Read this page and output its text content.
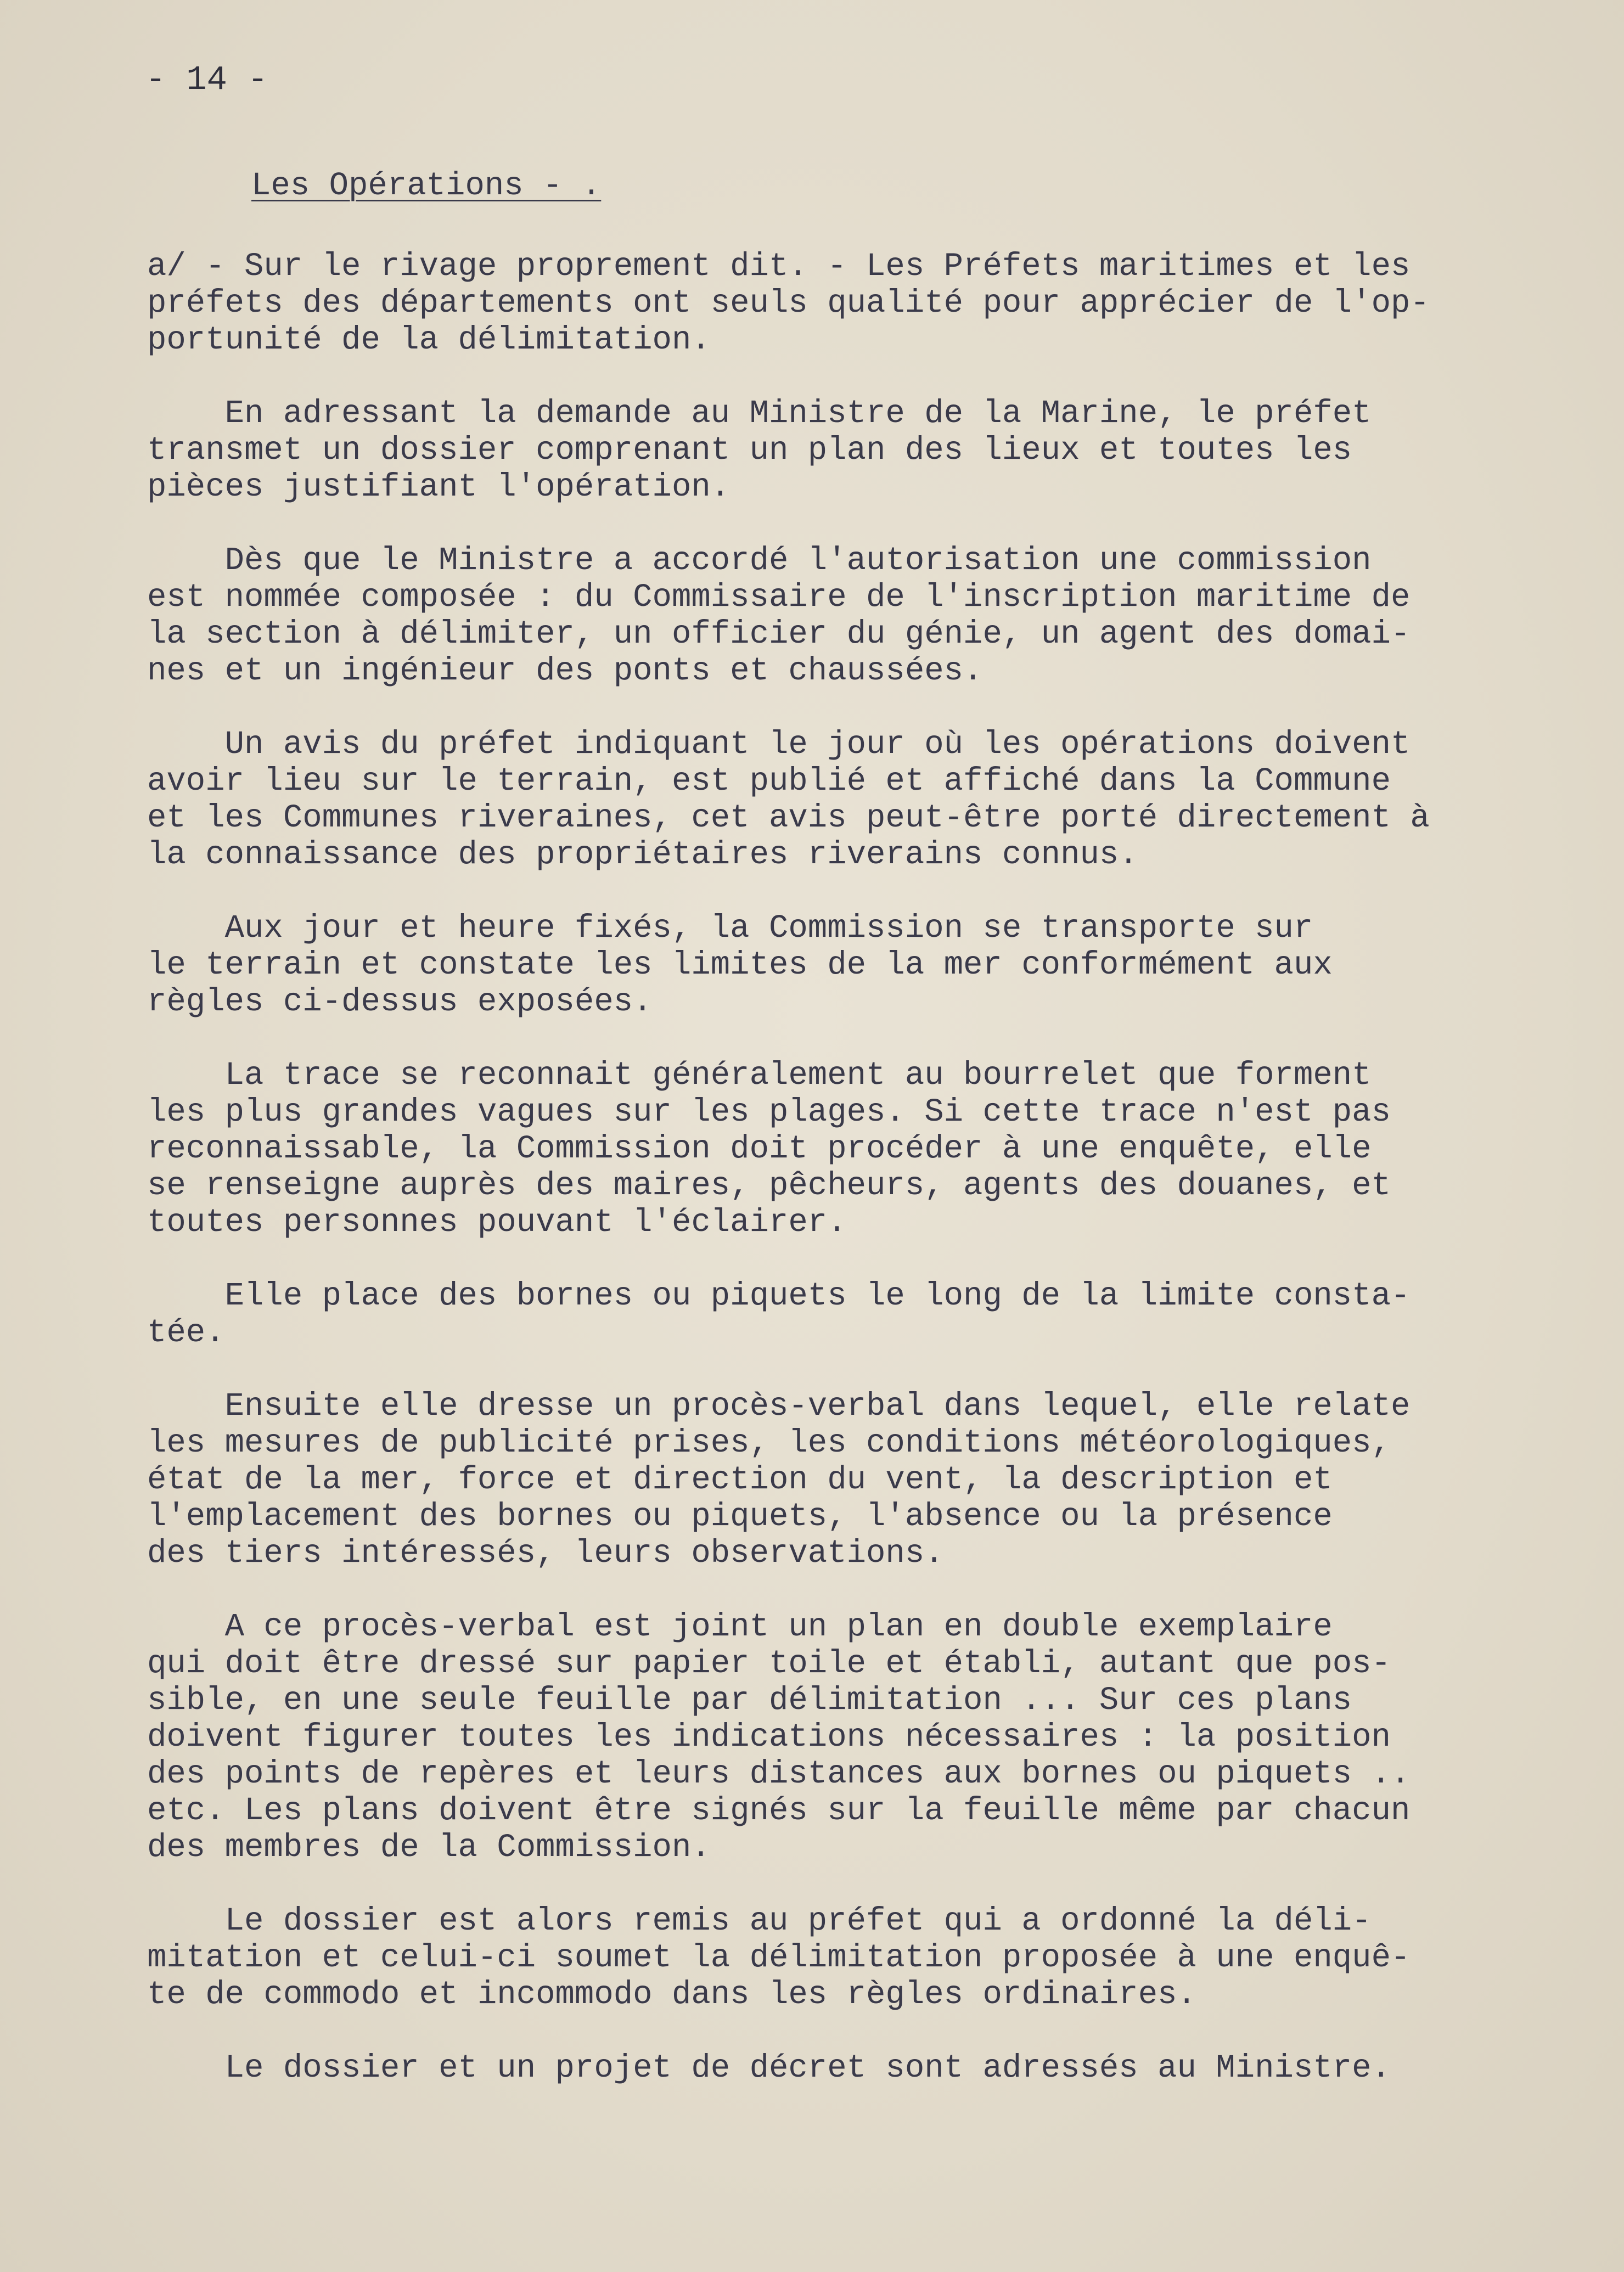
- 14 -

Les Opérations - .

a/ - Sur le rivage proprement dit. - Les Préfets maritimes et les
préfets des départements ont seuls qualité pour apprécier de l'op-
portunité de la délimitation.

En adressant la demande au Ministre de la Marine, le préfet
transmet un dossier comprenant un plan des lieux et toutes les
pièces justifiant l'opération.

Dès que le Ministre a accordé l'autorisation une commission
est nommée composée : du Commissaire de l'inscription maritime de
la section à délimiter, un officier du génie, un agent des domai-
nes et un ingénieur des ponts et chaussées.

Un avis du préfet indiquant le jour où les opérations doivent
avoir lieu sur le terrain, est publié et affiché dans la Commune
et les Communes riveraines, cet avis peut-être porté directement à
la connaissance des propriétaires riverains connus.

Aux jour et heure fixés, la Commission se transporte sur
le terrain et constate les limites de la mer conformément aux
règles ci-dessus exposées.

La trace se reconnait généralement au bourrelet que forment
les plus grandes vagues sur les plages. Si cette trace n'est pas
reconnaissable, la Commission doit procéder à une enquête, elle
se renseigne auprès des maires, pêcheurs, agents des douanes, et
toutes personnes pouvant l'éclairer.

Elle place des bornes ou piquets le long de la limite consta-
tée.

Ensuite elle dresse un procès-verbal dans lequel, elle relate
les mesures de publicité prises, les conditions météorologiques,
état de la mer, force et direction du vent, la description et
l'emplacement des bornes ou piquets, l'absence ou la présence
des tiers intéressés, leurs observations.

A ce procès-verbal est joint un plan en double exemplaire
qui doit être dressé sur papier toile et établi, autant que pos-
sible, en une seule feuille par délimitation ... Sur ces plans
doivent figurer toutes les indications nécessaires : la position
des points de repères et leurs distances aux bornes ou piquets ..
etc. Les plans doivent être signés sur la feuille même par chacun
des membres de la Commission.

Le dossier est alors remis au préfet qui a ordonné la déli-
mitation et celui-ci soumet la délimitation proposée à une enquê-
te de commodo et incommodo dans les règles ordinaires.

Le dossier et un projet de décret sont adressés au Ministre.
